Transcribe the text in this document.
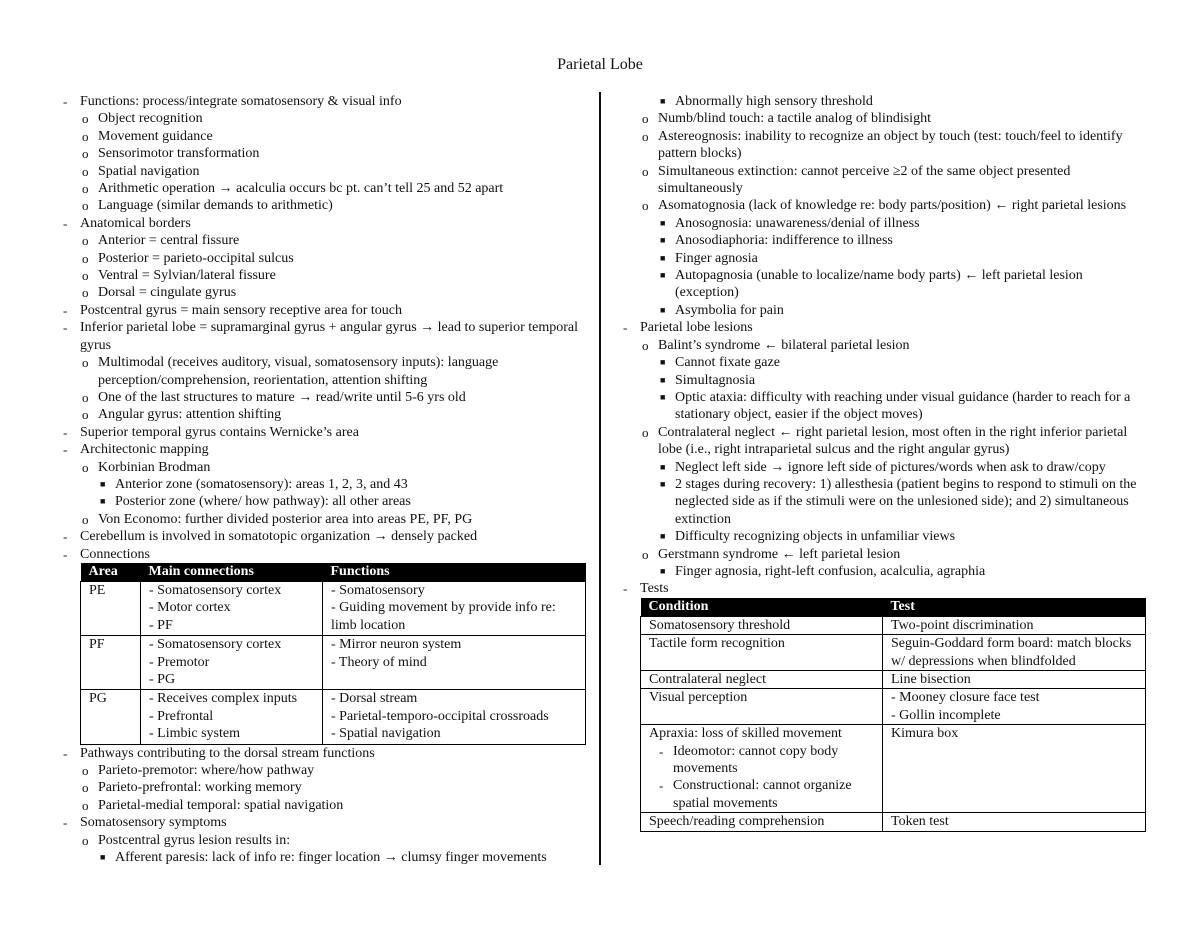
Parietal Lobe
- Functions: process/integrate somatosensory & visual info
o Object recognition
o Movement guidance
o Sensorimotor transformation
o Spatial navigation
o Arithmetic operation → acalculia occurs bc pt. can’t tell 25 and 52 apart
o Language (similar demands to arithmetic)
- Anatomical borders
o Anterior = central fissure
o Posterior = parieto-occipital sulcus
o Ventral = Sylvian/lateral fissure
o Dorsal = cingulate gyrus
- Postcentral gyrus = main sensory receptive area for touch
- Inferior parietal lobe = supramarginal gyrus + angular gyrus → lead to superior temporal gyrus
o Multimodal (receives auditory, visual, somatosensory inputs): language perception/comprehension, reorientation, attention shifting
o One of the last structures to mature → read/write until 5-6 yrs old
o Angular gyrus: attention shifting
- Superior temporal gyrus contains Wernicke’s area
- Architectonic mapping
o Korbinian Brodman
■ Anterior zone (somatosensory): areas 1, 2, 3, and 43
■ Posterior zone (where/ how pathway): all other areas
o Von Economo: further divided posterior area into areas PE, PF, PG
- Cerebellum is involved in somatotopic organization → densely packed
- Connections
Area	Main connections	Functions

PE	- Somatosensory cortex
- Motor cortex
- PF	- Somatosensory
- Guiding movement by provide info re:
limb location

PF	- Somatosensory cortex
- Premotor
- PG	- Mirror neuron system
- Theory of mind

PG	- Receives complex inputs
- Prefrontal
- Limbic system	- Dorsal stream
- Parietal-temporo-occipital crossroads
- Spatial navigation
- Pathways contributing to the dorsal stream functions
o Parieto-premotor: where/how pathway
o Parieto-prefrontal: working memory
o Parietal-medial temporal: spatial navigation
- Somatosensory symptoms
o Postcentral gyrus lesion results in:
■ Afferent paresis: lack of info re: finger location → clumsy finger movements
■ Abnormally high sensory threshold
o Numb/blind touch: a tactile analog of blindisight
o Astereognosis: inability to recognize an object by touch (test: touch/feel to identify pattern blocks)
o Simultaneous extinction: cannot perceive ≥2 of the same object presented simultaneously
o Asomatognosia (lack of knowledge re: body parts/position) ← right parietal lesions
■ Anosognosia: unawareness/denial of illness
■ Anosodiaphoria: indifference to illness
■ Finger agnosia
■ Autopagnosia (unable to localize/name body parts) ← left parietal lesion (exception)
■ Asymbolia for pain
- Parietal lobe lesions
o Balint’s syndrome ← bilateral parietal lesion
■ Cannot fixate gaze
■ Simultagnosia
■ Optic ataxia: difficulty with reaching under visual guidance (harder to reach for a stationary object, easier if the object moves)
o Contralateral neglect ← right parietal lesion, most often in the right inferior parietal lobe (i.e., right intraparietal sulcus and the right angular gyrus)
■ Neglect left side → ignore left side of pictures/words when ask to draw/copy
■ 2 stages during recovery: 1) allesthesia (patient begins to respond to stimuli on the neglected side as if the stimuli were on the unlesioned side); and 2) simultaneous extinction
■ Difficulty recognizing objects in unfamiliar views
o Gerstmann syndrome ← left parietal lesion
■ Finger agnosia, right-left confusion, acalculia, agraphia
- Tests
Condition	Test
Somatosensory threshold	Two-point discrimination
Tactile form recognition	Seguin-Goddard form board: match blocks w/ depressions when blindfolded
Contralateral neglect	Line bisection
Visual perception	- Mooney closure face test
- Gollin incomplete

Apraxia: loss of skilled movement
- Ideomotor: cannot copy body movements
- Constructional: cannot organize spatial movements	Kimura box
Speech/reading comprehension	Token test
